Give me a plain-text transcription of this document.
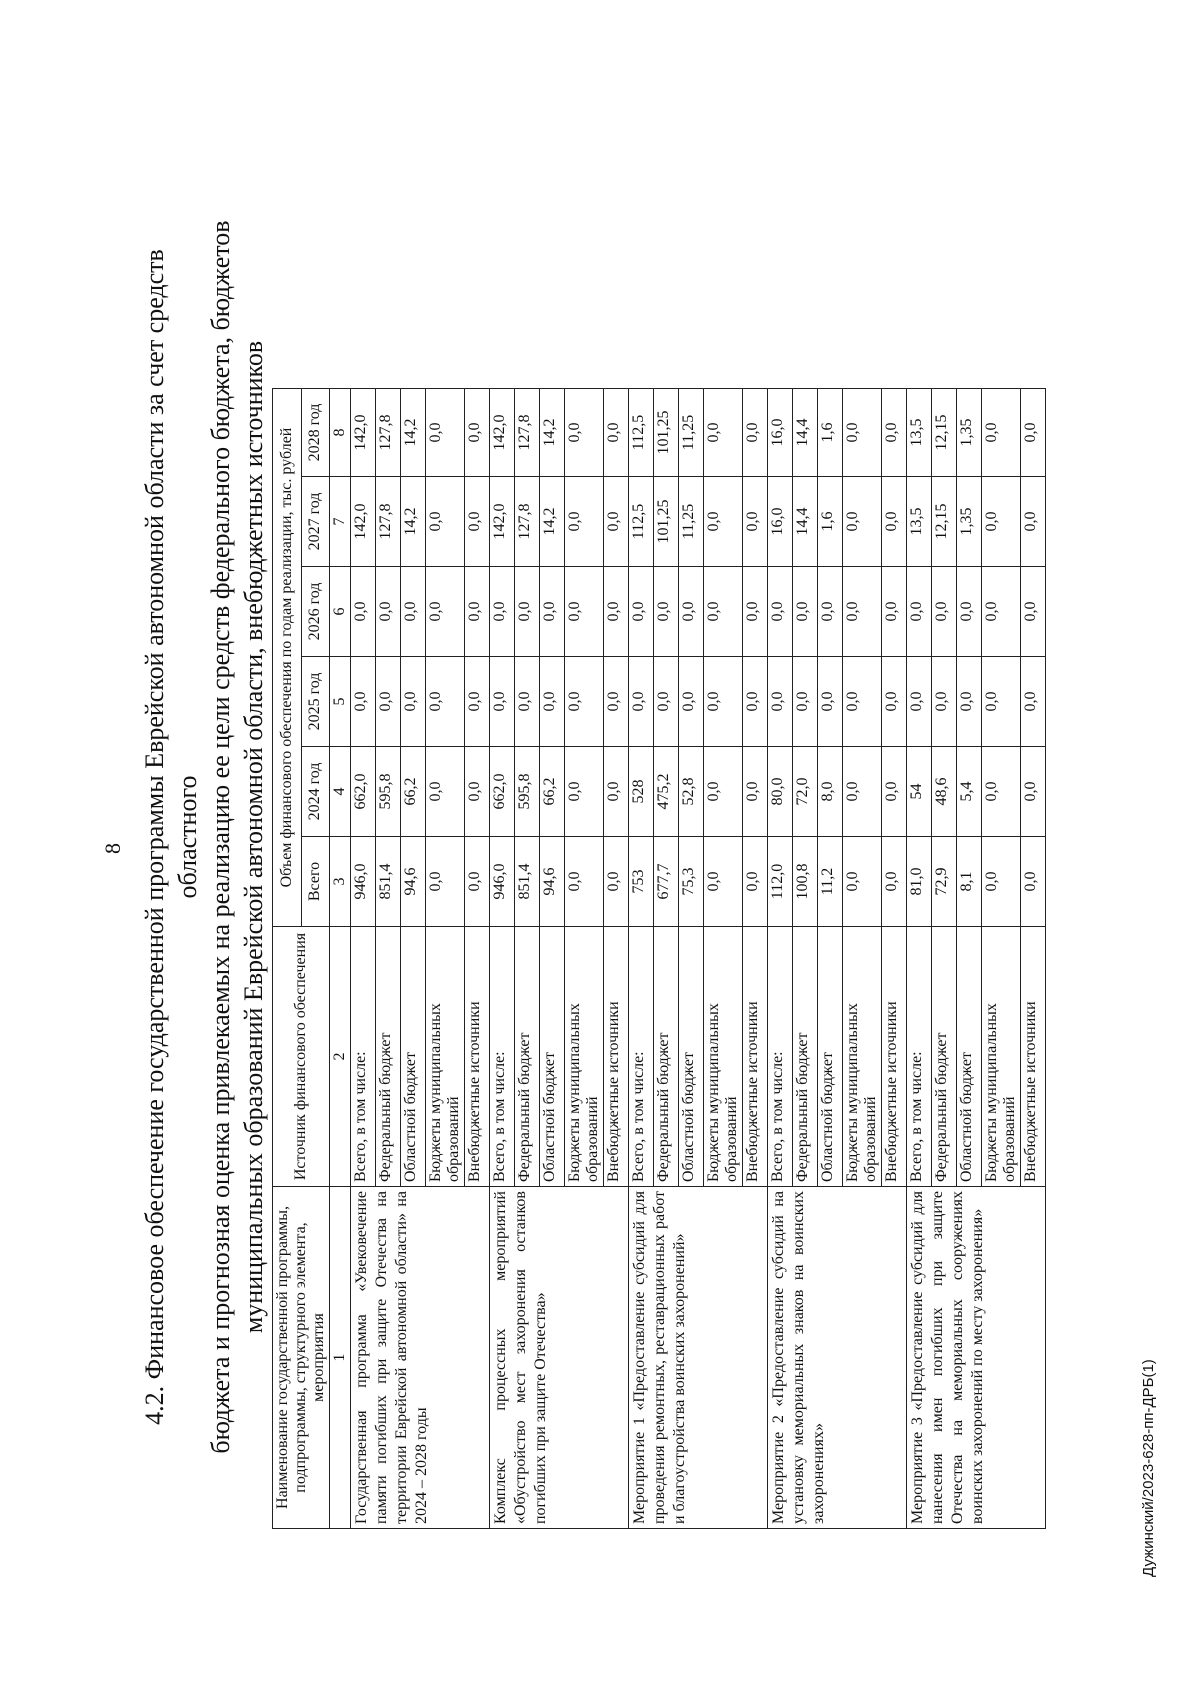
8 4.2. Финансовое обеспечение государственной программы Еврейской автономной области за счет средств областного бюджета и прогнозная оценка привлекаемых на реализацию ее цели средств федерального бюджета, бюджетов муниципальных образований Еврейской автономной области, внебюджетных источников
Наименование государственной программы, подпрограммы, структурного элемента, мероприятия	Источник финансового обеспечения	Объем финансового обеспечения по годам реализации, тыс. рублей					
		Всего	2024 год	2025 год	2026 год	2027 год	2028 год
1	2	3	4	5	6	7	8
Государственная программа «Увековечение памяти погибших при защите Отечества на территории Еврейской автономной области» на 2024 – 2028 годы	Всего, в том числе:	946,0	662,0	0,0	0,0	142,0	142,0
	Федеральный бюджет	851,4	595,8	0,0	0,0	127,8	127,8
	Областной бюджет	94,6	66,2	0,0	0,0	14,2	14,2
	Бюджеты муниципальных образований	0,0	0,0	0,0	0,0	0,0	0,0
	Внебюджетные источники	0,0	0,0	0,0	0,0	0,0	0,0
Комплекс процессных мероприятий «Обустройство мест захоронения останков погибших при защите Отечества»	Всего, в том числе:	946,0	662,0	0,0	0,0	142,0	142,0
	Федеральный бюджет	851,4	595,8	0,0	0,0	127,8	127,8
	Областной бюджет	94,6	66,2	0,0	0,0	14,2	14,2
	Бюджеты муниципальных образований	0,0	0,0	0,0	0,0	0,0	0,0
	Внебюджетные источники	0,0	0,0	0,0	0,0	0,0	0,0
Мероприятие 1 «Предоставление субсидий для проведения ремонтных, реставрационных работ и благоустройства воинских захоронений»	Всего, в том числе:	753	528	0,0	0,0	112,5	112,5
	Федеральный бюджет	677,7	475,2	0,0	0,0	101,25	101,25
	Областной бюджет	75,3	52,8	0,0	0,0	11,25	11,25
	Бюджеты муниципальных образований	0,0	0,0	0,0	0,0	0,0	0,0
	Внебюджетные источники	0,0	0,0	0,0	0,0	0,0	0,0
Мероприятие 2 «Предоставление субсидий на установку мемориальных знаков на воинских захоронениях»	Всего, в том числе:	112,0	80,0	0,0	0,0	16,0	16,0
	Федеральный бюджет	100,8	72,0	0,0	0,0	14,4	14,4
	Областной бюджет	11,2	8,0	0,0	0,0	1,6	1,6
	Бюджеты муниципальных образований	0,0	0,0	0,0	0,0	0,0	0,0
	Внебюджетные источники	0,0	0,0	0,0	0,0	0,0	0,0
Мероприятие 3 «Предоставление субсидий для нанесения имен погибших при защите Отечества на мемориальных сооружениях воинских захоронений по месту захоронения»	Всего, в том числе:	81,0	54	0,0	0,0	13,5	13,5
	Федеральный бюджет	72,9	48,6	0,0	0,0	12,15	12,15
	Областной бюджет	8,1	5,4	0,0	0,0	1,35	1,35
	Бюджеты муниципальных образований	0,0	0,0	0,0	0,0	0,0	0,0
	Внебюджетные источники	0,0	0,0	0,0	0,0	0,0	0,0
Дужинский/2023-628-пп-ДРБ(1)
